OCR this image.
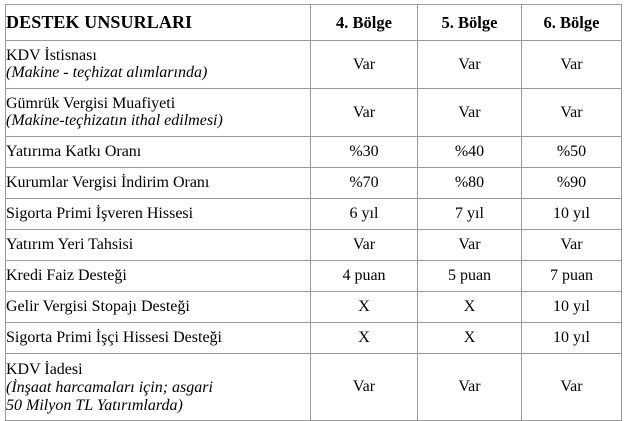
DESTEK UNSURLARI	4. Bölge	5. Bölge	6. Bölge

KDV İstisnası
(Makine - teçhizat alımlarında)	Var	Var	Var

Gümrük Vergisi Muafiyeti
(Makine-teçhizatın ithal edilmesi)	Var	Var	Var

Yatırıma Katkı Oranı	%30	%40	%50

Kurumlar Vergisi İndirim Oranı	%70	%80	%90

Sigorta Primi İşveren Hissesi	6 yıl	7 yıl	10 yıl

Yatırım Yeri Tahsisi	Var	Var	Var

Kredi Faiz Desteği	4 puan	5 puan	7 puan

Gelir Vergisi Stopajı Desteği	X	X	10 yıl

Sigorta Primi İşçi Hissesi Desteği	X	X	10 yıl

KDV İadesi
(İnşaat harcamaları için; asgari
50 Milyon TL Yatırımlarda)	Var	Var	Var
